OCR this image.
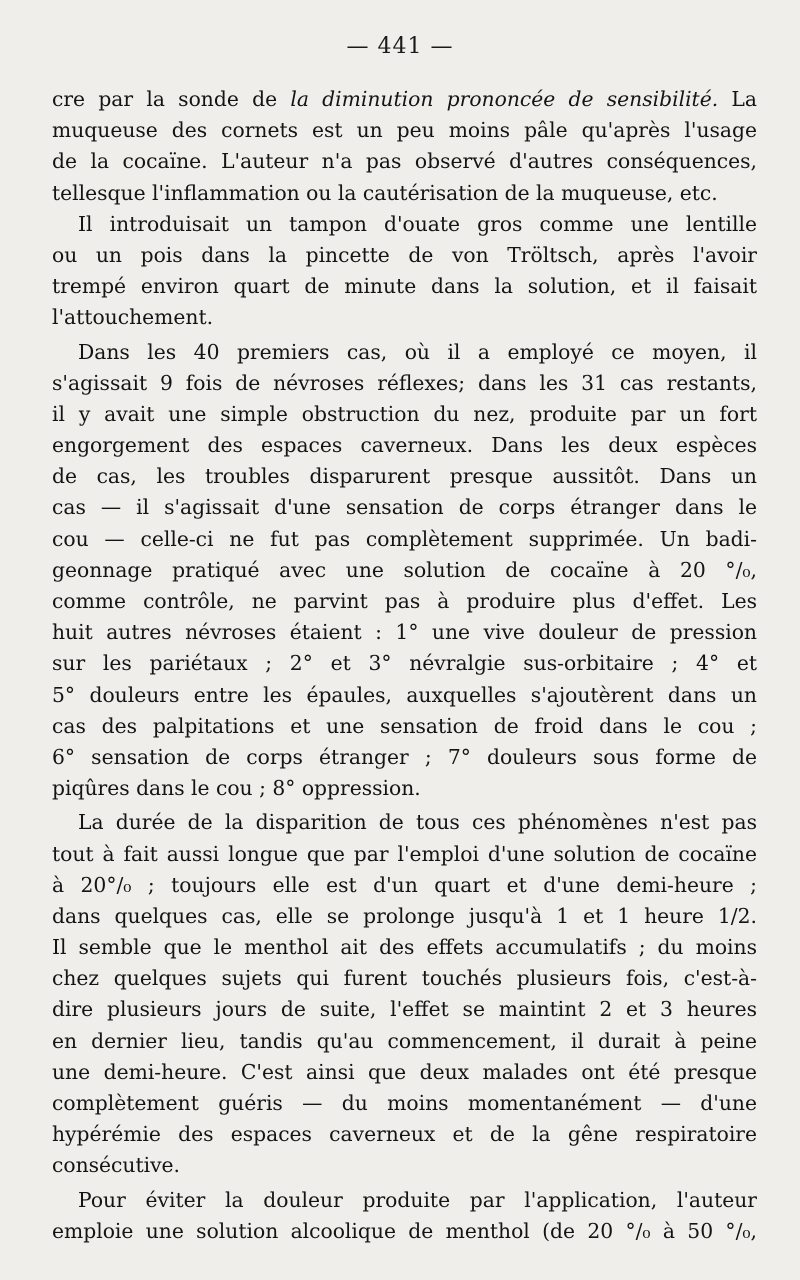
— 441 —
cre par la sonde de la diminution prononcée de sensibilité. La
muqueuse des cornets est un peu moins pâle qu'après l'usage
de la cocaïne. L'auteur n'a pas observé d'autres conséquences,
tellesque l'inflammation ou la cautérisation de la muqueuse, etc.
Il introduisait un tampon d'ouate gros comme une lentille
ou un pois dans la pincette de von Tröltsch, après l'avoir
trempé environ quart de minute dans la solution, et il faisait
l'attouchement.
Dans les 40 premiers cas, où il a employé ce moyen, il
s'agissait 9 fois de névroses réflexes; dans les 31 cas restants,
il y avait une simple obstruction du nez, produite par un fort
engorgement des espaces caverneux. Dans les deux espèces
de cas, les troubles disparurent presque aussitôt. Dans un
cas — il s'agissait d'une sensation de corps étranger dans le
cou — celle-ci ne fut pas complètement supprimée. Un badi-
geonnage pratiqué avec une solution de cocaïne à 20 °/₀,
comme contrôle, ne parvint pas à produire plus d'effet. Les
huit autres névroses étaient : 1° une vive douleur de pression
sur les pariétaux ; 2° et 3° névralgie sus-orbitaire ; 4° et
5° douleurs entre les épaules, auxquelles s'ajoutèrent dans un
cas des palpitations et une sensation de froid dans le cou ;
6° sensation de corps étranger ; 7° douleurs sous forme de
piqûres dans le cou ; 8° oppression.
La durée de la disparition de tous ces phénomènes n'est pas
tout à fait aussi longue que par l'emploi d'une solution de cocaïne
à 20°/₀ ; toujours elle est d'un quart et d'une demi-heure ;
dans quelques cas, elle se prolonge jusqu'à 1 et 1 heure 1/2.
Il semble que le menthol ait des effets accumulatifs ; du moins
chez quelques sujets qui furent touchés plusieurs fois, c'est-à-
dire plusieurs jours de suite, l'effet se maintint 2 et 3 heures
en dernier lieu, tandis qu'au commencement, il durait à peine
une demi-heure. C'est ainsi que deux malades ont été presque
complètement guéris — du moins momentanément — d'une
hypérémie des espaces caverneux et de la gêne respiratoire
consécutive.
Pour éviter la douleur produite par l'application, l'auteur
emploie une solution alcoolique de menthol (de 20 °/₀ à 50 °/₀,
